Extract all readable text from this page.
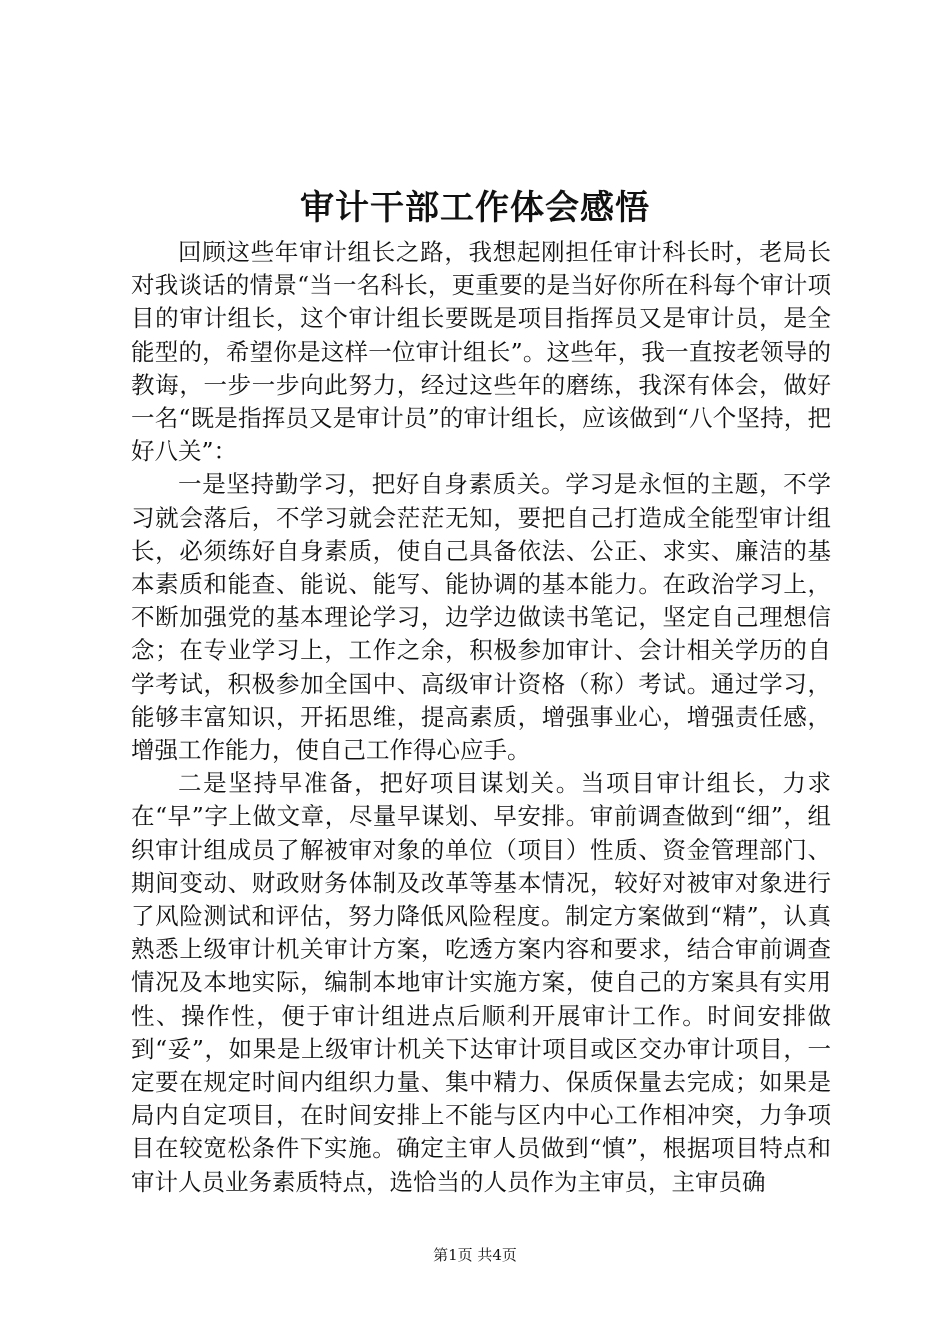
审计干部工作体会感悟

回顾这些年审计组长之路，我想起刚担任审计科长时，老局长对我谈话的情景“当一名科长，更重要的是当好你所在科每个审计项目的审计组长，这个审计组长要既是项目指挥员又是审计员，是全能型的，希望你是这样一位审计组长”。这些年，我一直按老领导的教诲，一步一步向此努力，经过这些年的磨练，我深有体会，做好一名“既是指挥员又是审计员”的审计组长，应该做到“八个坚持，把好八关”：

一是坚持勤学习，把好自身素质关。学习是永恒的主题，不学习就会落后，不学习就会茫茫无知，要把自己打造成全能型审计组长，必须练好自身素质，使自己具备依法、公正、求实、廉洁的基本素质和能查、能说、能写、能协调的基本能力。在政治学习上，不断加强党的基本理论学习，边学边做读书笔记，坚定自己理想信念；在专业学习上，工作之余，积极参加审计、会计相关学历的自学考试，积极参加全国中、高级审计资格（称）考试。通过学习，能够丰富知识，开拓思维，提高素质，增强事业心，增强责任感，增强工作能力，使自己工作得心应手。

二是坚持早准备，把好项目谋划关。当项目审计组长，力求在“早”字上做文章，尽量早谋划、早安排。审前调查做到“细”，组织审计组成员了解被审对象的单位（项目）性质、资金管理部门、期间变动、财政财务体制及改革等基本情况，较好对被审对象进行了风险测试和评估，努力降低风险程度。制定方案做到“精”，认真熟悉上级审计机关审计方案，吃透方案内容和要求，结合审前调查情况及本地实际，编制本地审计实施方案，使自己的方案具有实用性、操作性，便于审计组进点后顺利开展审计工作。时间安排做到“妥”，如果是上级审计机关下达审计项目或区交办审计项目，一定要在规定时间内组织力量、集中精力、保质保量去完成；如果是局内自定项目，在时间安排上不能与区内中心工作相冲突，力争项目在较宽松条件下实施。确定主审人员做到“慎”，根据项目特点和审计人员业务素质特点，选恰当的人员作为主审员，主审员确

第1页 共4页
